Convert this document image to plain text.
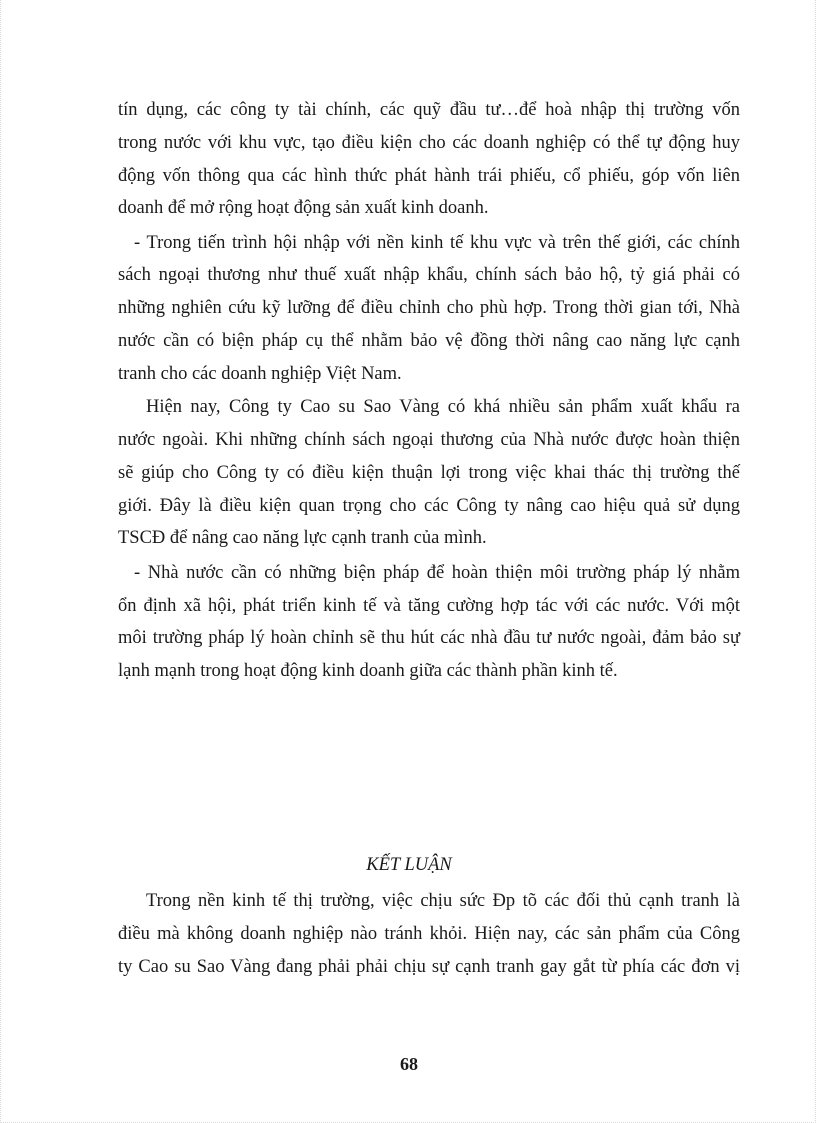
tín dụng, các công ty tài chính, các quỹ đầu tư…để hoà nhập thị trường vốn
trong nước với khu vực, tạo điều kiện cho các doanh nghiệp có thể tự động huy
động vốn thông qua các hình thức phát hành trái phiếu, cổ phiếu, góp vốn liên
doanh để mở rộng hoạt động sản xuất kinh doanh.
- Trong tiến trình hội nhập với nền kinh tế khu vực và trên thế giới, các chính
sách ngoại thương như thuế xuất nhập khẩu, chính sách bảo hộ, tỷ giá phải có
những nghiên cứu kỹ lưỡng để điều chỉnh cho phù hợp. Trong thời gian tới, Nhà
nước cần có biện pháp cụ thể nhằm bảo vệ đồng thời nâng cao năng lực cạnh
tranh cho các doanh nghiệp Việt Nam.
Hiện nay, Công ty Cao su Sao Vàng có khá nhiều sản phẩm xuất khẩu ra
nước ngoài. Khi những chính sách ngoại thương của Nhà nước được hoàn thiện
sẽ giúp cho Công ty có điều kiện thuận lợi trong việc khai thác thị trường thế
giới. Đây là điều kiện quan trọng cho các Công ty nâng cao hiệu quả sử dụng
TSCĐ để nâng cao năng lực cạnh tranh của mình.
- Nhà nước cần có những biện pháp để hoàn thiện môi trường pháp lý nhằm
ổn định xã hội, phát triển kinh tế và tăng cường hợp tác với các nước. Với một
môi trường pháp lý hoàn chỉnh sẽ thu hút các nhà đầu tư nước ngoài, đảm bảo sự
lạnh mạnh trong hoạt động kinh doanh giữa các thành phần kinh tế.
KẾT LUẬN
Trong nền kinh tế thị trường, việc chịu sức Đp tõ các đối thủ cạnh tranh là
điều mà không doanh nghiệp nào tránh khỏi. Hiện nay, các sản phẩm của Công
ty Cao su Sao Vàng đang phải phải chịu sự cạnh tranh gay gắt từ phía các đơn vị
68
